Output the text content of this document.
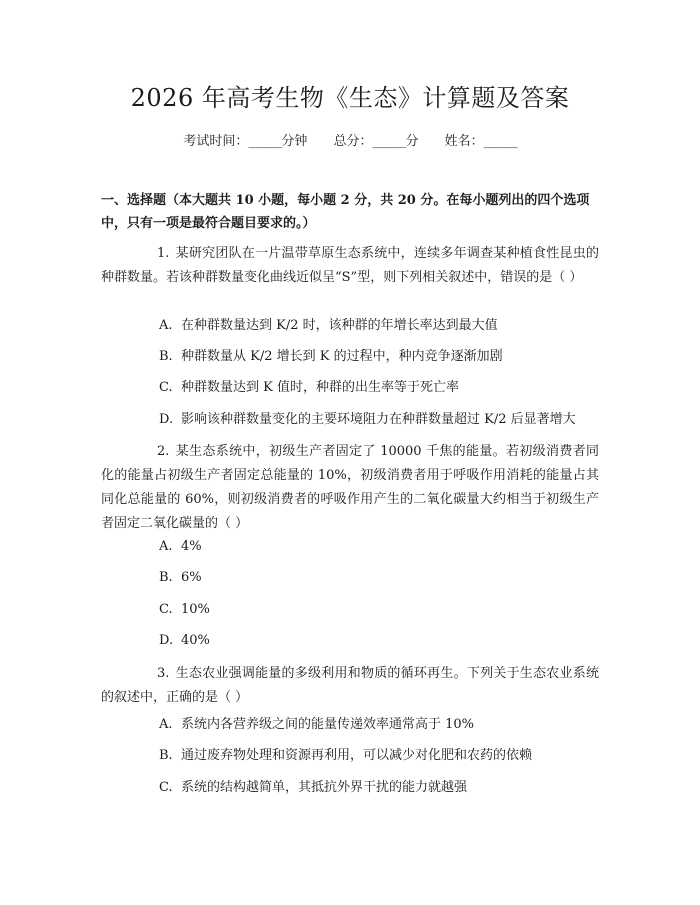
2026 年高考生物《生态》计算题及答案
考试时间：______分钟 总分：______分 姓名：______
一、选择题（本大题共 10 小题，每小题 2 分，共 20 分。在每小题列出的四个选项中，只有一项是最符合题目要求的。）
1. 某研究团队在一片温带草原生态系统中，连续多年调查某种植食性昆虫的种群数量。若该种群数量变化曲线近似呈“S”型，则下列相关叙述中，错误的是（ ）
A. 在种群数量达到 K/2 时，该种群的年增长率达到最大值
B. 种群数量从 K/2 增长到 K 的过程中，种内竞争逐渐加剧
C. 种群数量达到 K 值时，种群的出生率等于死亡率
D. 影响该种群数量变化的主要环境阻力在种群数量超过 K/2 后显著增大
2. 某生态系统中，初级生产者固定了 10000 千焦的能量。若初级消费者同化的能量占初级生产者固定总能量的 10%，初级消费者用于呼吸作用消耗的能量占其同化总能量的 60%，则初级消费者的呼吸作用产生的二氧化碳量大约相当于初级生产者固定二氧化碳量的（ ）
A. 4%
B. 6%
C. 10%
D. 40%
3. 生态农业强调能量的多级利用和物质的循环再生。下列关于生态农业系统的叙述中，正确的是（ ）
A. 系统内各营养级之间的能量传递效率通常高于 10%
B. 通过废弃物处理和资源再利用，可以减少对化肥和农药的依赖
C. 系统的结构越简单，其抵抗外界干扰的能力就越强
